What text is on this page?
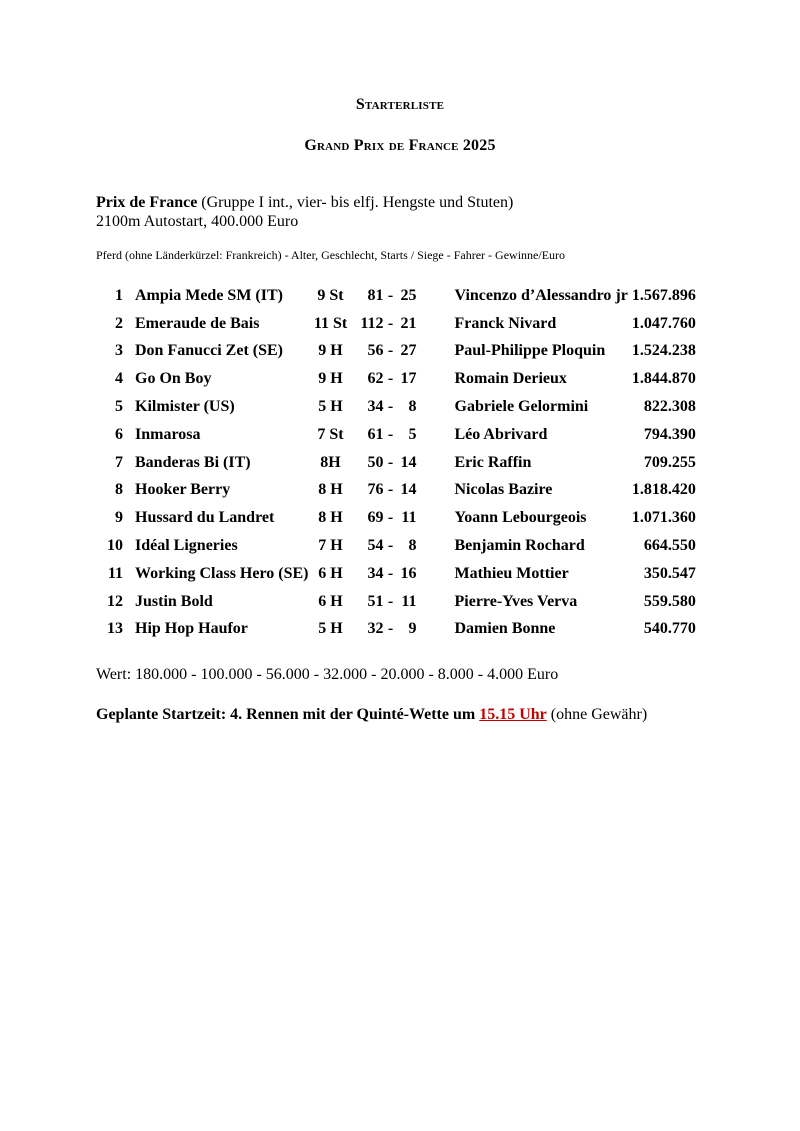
Starterliste
Grand Prix de France 2025
Prix de France (Gruppe I int., vier- bis elfj. Hengste und Stuten)
2100m Autostart, 400.000 Euro
Pferd (ohne Länderkürzel: Frankreich) - Alter, Geschlecht, Starts / Siege - Fahrer - Gewinne/Euro
1	Ampia Mede SM (IT)	9 St	81 - 25	Vincenzo d’Alessandro jr	1.567.896
2	Emeraude de Bais	11 St	112 - 21	Franck Nivard	1.047.760
3	Don Fanucci Zet (SE)	9 H	56 - 27	Paul-Philippe Ploquin	1.524.238
4	Go On Boy	9 H	62 - 17	Romain Derieux	1.844.870
5	Kilmister (US)	5 H	34 - 8	Gabriele Gelormini	822.308
6	Inmarosa	7 St	61 - 5	Léo Abrivard	794.390
7	Banderas Bi (IT)	8H	50 - 14	Eric Raffin	709.255
8	Hooker Berry	8 H	76 - 14	Nicolas Bazire	1.818.420
9	Hussard du Landret	8 H	69 - 11	Yoann Lebourgeois	1.071.360
10	Idéal Ligneries	7 H	54 - 8	Benjamin Rochard	664.550
11	Working Class Hero (SE)	6 H	34 - 16	Mathieu Mottier	350.547
12	Justin Bold	6 H	51 - 11	Pierre-Yves Verva	559.580
13	Hip Hop Haufor	5 H	32 - 9	Damien Bonne	540.770
Wert: 180.000 - 100.000 - 56.000 - 32.000 - 20.000 - 8.000 - 4.000 Euro
Geplante Startzeit: 4. Rennen mit der Quinté-Wette um 15.15 Uhr (ohne Gewähr)
